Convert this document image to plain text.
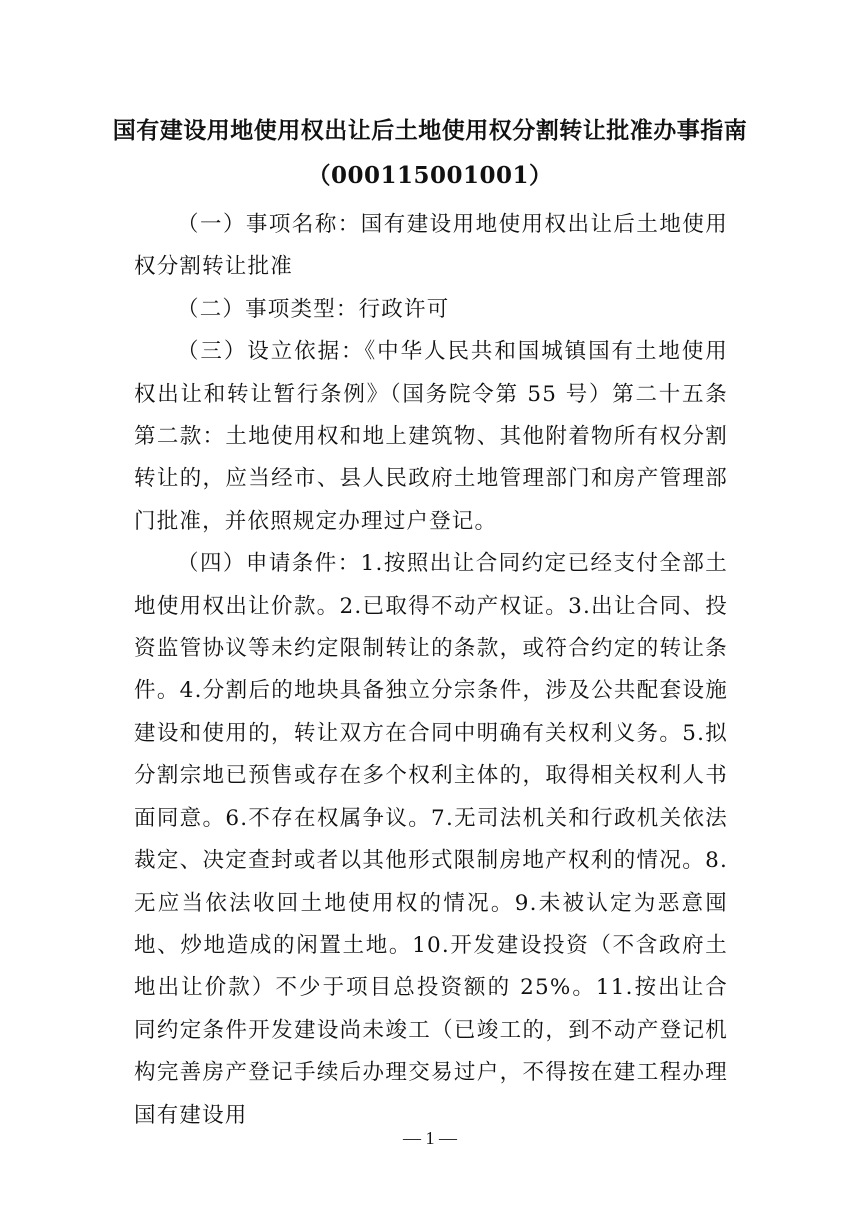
国有建设用地使用权出让后土地使用权分割转让批准办事指南
（000115001001）

（一）事项名称：国有建设用地使用权出让后土地使用权分割转让批准

（二）事项类型：行政许可

（三）设立依据：《中华人民共和国城镇国有土地使用权出让和转让暂行条例》（国务院令第 55 号）第二十五条第二款：土地使用权和地上建筑物、其他附着物所有权分割转让的，应当经市、县人民政府土地管理部门和房产管理部门批准，并依照规定办理过户登记。

（四）申请条件：1.按照出让合同约定已经支付全部土地使用权出让价款。2.已取得不动产权证。3.出让合同、投资监管协议等未约定限制转让的条款，或符合约定的转让条件。4.分割后的地块具备独立分宗条件，涉及公共配套设施建设和使用的，转让双方在合同中明确有关权利义务。5.拟分割宗地已预售或存在多个权利主体的，取得相关权利人书面同意。6.不存在权属争议。7.无司法机关和行政机关依法裁定、决定查封或者以其他形式限制房地产权利的情况。8.无应当依法收回土地使用权的情况。9.未被认定为恶意囤地、炒地造成的闲置土地。10.开发建设投资（不含政府土地出让价款）不少于项目总投资额的 25%。11.按出让合同约定条件开发建设尚未竣工（已竣工的，到不动产登记机构完善房产登记手续后办理交易过户，不得按在建工程办理国有建设用

— 1 —
